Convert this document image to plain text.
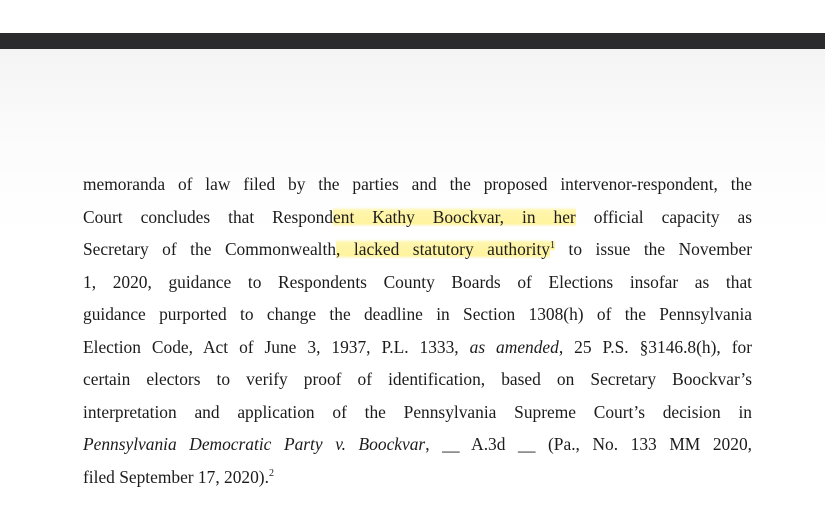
memoranda of law filed by the parties and the proposed intervenor-respondent, the
Court concludes that Respondent Kathy Boockvar, in her official capacity as
Secretary of the Commonwealth, lacked statutory authority$^1$ to issue the November
1, 2020, guidance to Respondents County Boards of Elections insofar as that
guidance purported to change the deadline in Section 1308(h) of the Pennsylvania
Election Code, Act of June 3, 1937, P.L. 1333, as amended, 25 P.S. §3146.8(h), for
certain electors to verify proof of identification, based on Secretary Boockvar’s
interpretation and application of the Pennsylvania Supreme Court’s decision in
Pennsylvania Democratic Party v. Boockvar, __ A.3d __ (Pa., No. 133 MM 2020,
filed September 17, 2020).$^2$
